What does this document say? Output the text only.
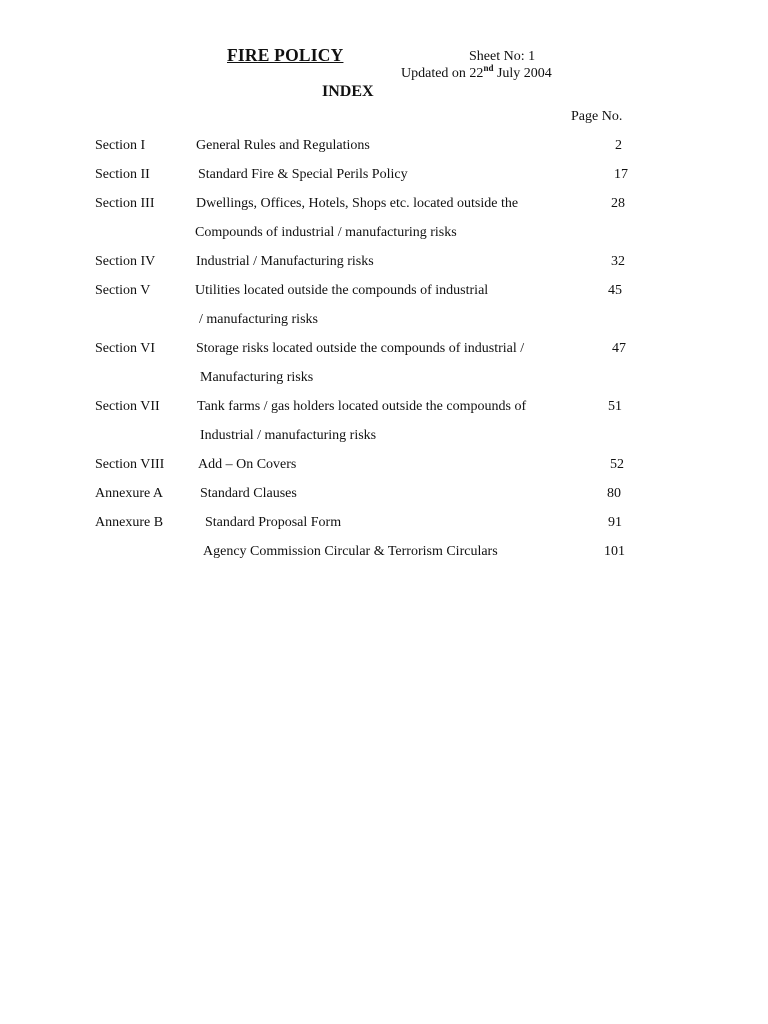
FIRE POLICY	Sheet No: 1
Updated on 22nd July 2004
INDEX
Page No.
Section I	General Rules and Regulations	2
Section II	Standard Fire & Special Perils Policy	17
Section III	Dwellings, Offices, Hotels, Shops etc. located outside the	28
Compounds of industrial / manufacturing risks
Section IV	Industrial / Manufacturing risks	32
Section V	Utilities located outside the compounds of industrial	45
/ manufacturing risks
Section VI	Storage risks located outside the compounds of industrial /	47
Manufacturing risks
Section VII	Tank farms / gas holders located outside the compounds of	51
Industrial / manufacturing risks
Section VIII Add – On Covers	52
Annexure A	Standard Clauses	80
Annexure B	Standard Proposal Form	91
Agency Commission Circular & Terrorism Circulars	101
